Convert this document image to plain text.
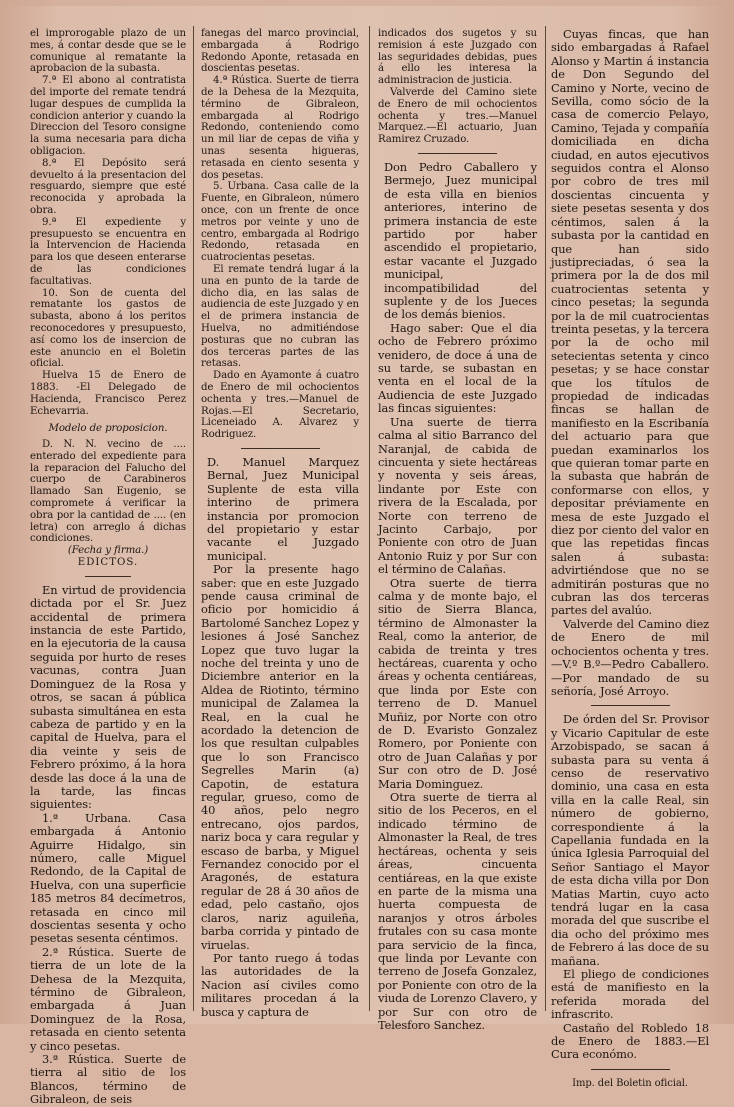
el improrogable plazo de un mes, á contar desde que se le comunique al rematante la aprobacion de la subasta.

7.ª El abono al contratista del importe del remate tendrá lugar despues de cumplida la condicion anterior y cuando la Direccion del Tesoro consigne la suma necesaria para dicha obligacion.

8.ª El Depósito será devuelto á la presentacion del resguardo, siempre que esté reconocida y aprobada la obra.

9.ª El expediente y presupuesto se encuentra en la Intervencion de Hacienda para los que deseen enterarse de las condiciones facultativas.

10. Son de cuenta del rematante los gastos de subasta, abono á los peritos reconocedores y presupuesto, así como los de insercion de este anuncio en el Boletin oficial.

Huelva 15 de Enero de 1883. -El Delegado de Hacienda, Francisco Perez Echevarria.

Modelo de proposicion.

D. N. N. vecino de .... enterado del expediente para la reparacion del Falucho del cuerpo de Carabineros llamado San Eugenio, se compromete á verificar la obra por la cantidad de .... (en letra) con arreglo á dichas condiciones.

(Fecha y firma.)

EDICTOS.

En virtud de providencia dictada por el Sr. Juez accidental de primera instancia de este Partido, en la ejecutoria de la causa seguida por hurto de reses vacunas, contra Juan Dominguez de la Rosa y otros, se sacan á pública subasta simultánea en esta cabeza de partido y en la capital de Huelva, para el dia veinte y seis de Febrero próximo, á la hora desde las doce á la una de la tarde, las fincas siguientes:

1.ª Urbana. Casa embargada á Antonio Aguirre Hidalgo, sin número, calle Miguel Redondo, de la Capital de Huelva, con una superficie 185 metros 84 decímetros, retasada en cinco mil doscientas sesenta y ocho pesetas sesenta céntimos.

2.ª Rústica. Suerte de tierra de un lote de la Dehesa de la Mezquita, término de Gibraleon, embargada á Juan Dominguez de la Rosa, retasada en ciento setenta y cinco pesetas.

3.ª Rústica. Suerte de tierra al sitio de los Blancos, término de Gibraleon, de seis

fanegas del marco provincial, embargada á Rodrigo Redondo Aponte, retasada en doscientas pesetas.

4.ª Rústica. Suerte de tierra de la Dehesa de la Mezquita, término de Gibraleon, embargada al Rodrigo Redondo, conteniendo como un mil liar de cepas de viña y unas sesenta higueras, retasada en ciento sesenta y dos pesetas.

5. Urbana. Casa calle de la Fuente, en Gibraleon, número once, con un frente de once metros por veinte y uno de centro, embargada al Rodrigo Redondo, retasada en cuatrocientas pesetas.

El remate tendrá lugar á la una en punto de la tarde de dicho dia, en las salas de audiencia de este Juzgado y en el de primera instancia de Huelva, no admitiéndose posturas que no cubran las dos terceras partes de las retasas.

Dado en Ayamonte á cuatro de Enero de mil ochocientos ochenta y tres.—Manuel de Rojas.—El Secretario, Liceneiado A. Alvarez y Rodriguez.

D. Manuel Marquez Bernal, Juez Municipal Suplente de esta villa interino de primera instancia por promocion del propietario y estar vacante el Juzgado municipal.

Por la presente hago saber: que en este Juzgado pende causa criminal de oficio por homicidio á Bartolomé Sanchez Lopez y lesiones á José Sanchez Lopez que tuvo lugar la noche del treinta y uno de Diciembre anterior en la Aldea de Riotinto, término municipal de Zalamea la Real, en la cual he acordado la detencion de los que resultan culpables que lo son Francisco Segrelles Marin (a) Capotin, de estatura regular, grueso, como de 40 años, pelo negro entrecano, ojos pardos, nariz boca y cara regular y escaso de barba, y Miguel Fernandez conocido por el Aragonés, de estatura regular de 28 á 30 años de edad, pelo castaño, ojos claros, nariz aguileña, barba corrida y pintado de viruelas.

Por tanto ruego á todas las autoridades de la Nacion así civiles como militares procedan á la busca y captura de

indicados dos sugetos y su remision á este Juzgado con las seguridades debidas, pues á ello les interesa la administracion de justicia.

Valverde del Camino siete de Enero de mil ochocientos ochenta y tres.—Manuel Marquez.—El actuario, Juan Ramirez Cruzado.

Don Pedro Caballero y Bermejo, Juez municipal de esta villa en bienios anteriores, interino de primera instancia de este partido por haber ascendido el propietario, estar vacante el Juzgado municipal, incompatibilidad del suplente y de los Jueces de los demás bienios.

Hago saber: Que el dia ocho de Febrero próximo venidero, de doce á una de su tarde, se subastan en venta en el local de la Audiencia de este Juzgado las fincas siguientes:

Una suerte de tierra calma al sitio Barranco del Naranjal, de cabida de cincuenta y siete hectáreas y noventa y seis áreas, lindante por Este con rivera de la Escalada, por Norte con terreno de Jacinto Carbajo, por Poniente con otro de Juan Antonio Ruiz y por Sur con el término de Calañas.

Otra suerte de tierra calma y de monte bajo, el sitio de Sierra Blanca, término de Almonaster la Real, como la anterior, de cabida de treinta y tres hectáreas, cuarenta y ocho áreas y ochenta centiáreas, que linda por Este con terreno de D. Manuel Muñiz, por Norte con otro de D. Evaristo Gonzalez Romero, por Poniente con otro de Juan Calañas y por Sur con otro de D. José Maria Dominguez.

Otra suerte de tierra al sitio de los Peceros, en el indicado término de Almonaster la Real, de tres hectáreas, ochenta y seis áreas, cincuenta centiáreas, en la que existe en parte de la misma una huerta compuesta de naranjos y otros árboles frutales con su casa monte para servicio de la finca, que linda por Levante con terreno de Josefa Gonzalez, por Poniente con otro de la viuda de Lorenzo Clavero, y por Sur con otro de Telesforo Sanchez.

Cuyas fincas, que han sido embargadas á Rafael Alonso y Martin á instancia de Don Segundo del Camino y Norte, vecino de Sevilla, como sócio de la casa de comercio Pelayo, Camino, Tejada y compañía domiciliada en dicha ciudad, en autos ejecutivos seguidos contra el Alonso por cobro de tres mil doscientas cincuenta y siete pesetas sesenta y dos céntimos, salen á la subasta por la cantidad en que han sido justipreciadas, ó sea la primera por la de dos mil cuatrocientas setenta y cinco pesetas; la segunda por la de mil cuatrocientas treinta pesetas, y la tercera por la de ocho mil setecientas setenta y cinco pesetas; y se hace constar que los títulos de propiedad de indicadas fincas se hallan de manifiesto en la Escribanía del actuario para que puedan examinarlos los que quieran tomar parte en la subasta que habrán de conformarse con ellos, y depositar préviamente en mesa de este Juzgado el diez por ciento del valor en que las repetidas fincas salen á subasta: advirtiéndose que no se admitirán posturas que no cubran las dos terceras partes del avalúo.

Valverde del Camino diez de Enero de mil ochocientos ochenta y tres.—V.º B.º—Pedro Caballero.—Por mandado de su señoría, José Arroyo.

De órden del Sr. Provisor y Vicario Capitular de este Arzobispado, se sacan á subasta para su venta á censo de reservativo dominio, una casa en esta villa en la calle Real, sin número de gobierno, correspondiente á la Capellania fundada en la única Iglesia Parroquial del Señor Santiago el Mayor de esta dicha villa por Don Matias Martin, cuyo acto tendrá lugar en la casa morada del que suscribe el dia ocho del próximo mes de Febrero á las doce de su mañana.

El pliego de condiciones está de manifiesto en la referida morada del infrascrito.

Castaño del Robledo 18 de Enero de 1883.—El Cura económo.

Imp. del Boletin oficial.
